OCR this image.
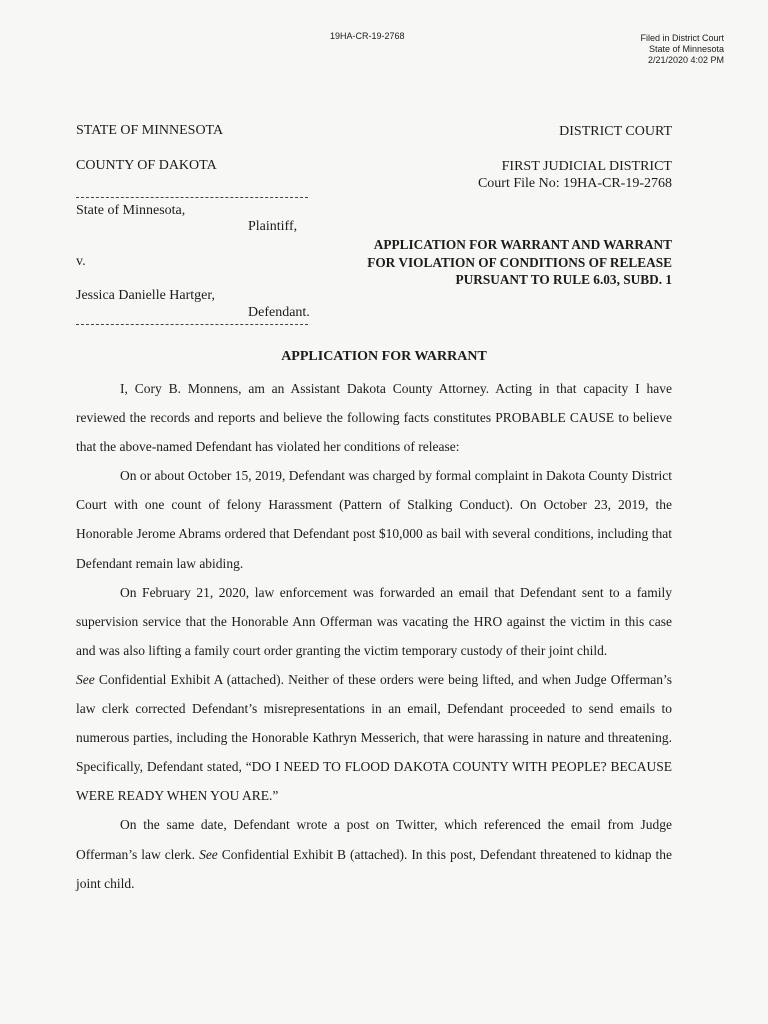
19HA-CR-19-2768	Filed in District Court
State of Minnesota
2/21/2020 4:02 PM
STATE OF MINNESOTA	DISTRICT COURT
COUNTY OF DAKOTA	FIRST JUDICIAL DISTRICT
Court File No: 19HA-CR-19-2768
State of Minnesota,
Plaintiff,
v.
Jessica Danielle Hartger,
Defendant.
APPLICATION FOR WARRANT AND WARRANT
FOR VIOLATION OF CONDITIONS OF RELEASE
PURSUANT TO RULE 6.03, SUBD. 1
APPLICATION FOR WARRANT

I, Cory B. Monnens, am an Assistant Dakota County Attorney. Acting in that capacity I have reviewed the records and reports and believe the following facts constitutes PROBABLE CAUSE to believe that the above-named Defendant has violated her conditions of release:

On or about October 15, 2019, Defendant was charged by formal complaint in Dakota County District Court with one count of felony Harassment (Pattern of Stalking Conduct). On October 23, 2019, the Honorable Jerome Abrams ordered that Defendant post $10,000 as bail with several conditions, including that Defendant remain law abiding.

On February 21, 2020, law enforcement was forwarded an email that Defendant sent to a family supervision service that the Honorable Ann Offerman was vacating the HRO against the victim in this case and was also lifting a family court order granting the victim temporary custody of their joint child.
See Confidential Exhibit A (attached). Neither of these orders were being lifted, and when Judge Offerman’s law clerk corrected Defendant’s misrepresentations in an email, Defendant proceeded to send emails to numerous parties, including the Honorable Kathryn Messerich, that were harassing in nature and threatening. Specifically, Defendant stated, “DO I NEED TO FLOOD DAKOTA COUNTY WITH PEOPLE? BECAUSE WERE READY WHEN YOU ARE.”

On the same date, Defendant wrote a post on Twitter, which referenced the email from Judge Offerman’s law clerk. See Confidential Exhibit B (attached). In this post, Defendant threatened to kidnap the joint child.
